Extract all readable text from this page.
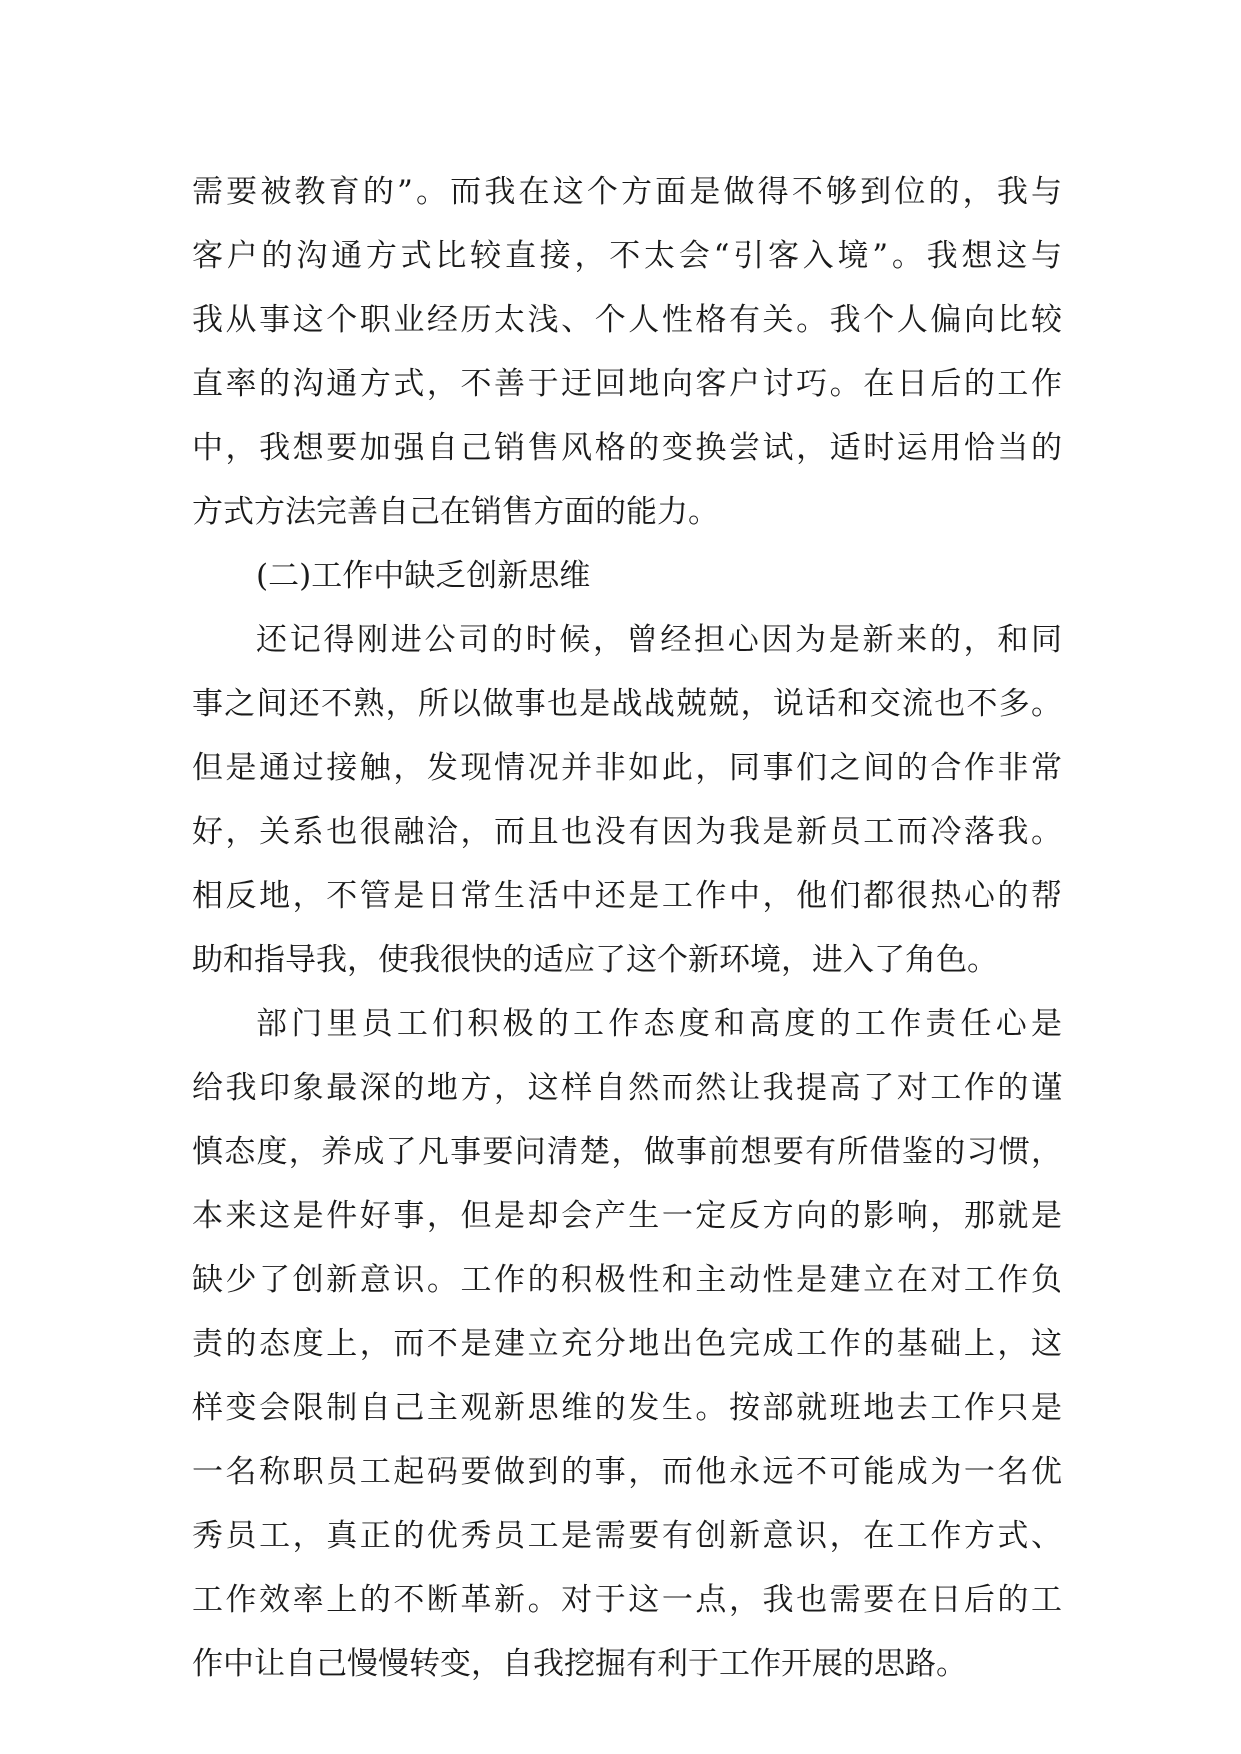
需要被教育的”。而我在这个方面是做得不够到位的，我与
客户的沟通方式比较直接，不太会“引客入境”。我想这与
我从事这个职业经历太浅、个人性格有关。我个人偏向比较
直率的沟通方式，不善于迂回地向客户讨巧。在日后的工作
中，我想要加强自己销售风格的变换尝试，适时运用恰当的
方式方法完善自己在销售方面的能力。
(二)工作中缺乏创新思维
还记得刚进公司的时候，曾经担心因为是新来的，和同
事之间还不熟，所以做事也是战战兢兢，说话和交流也不多。
但是通过接触，发现情况并非如此，同事们之间的合作非常
好，关系也很融洽，而且也没有因为我是新员工而冷落我。
相反地，不管是日常生活中还是工作中，他们都很热心的帮
助和指导我，使我很快的适应了这个新环境，进入了角色。
部门里员工们积极的工作态度和高度的工作责任心是
给我印象最深的地方，这样自然而然让我提高了对工作的谨
慎态度，养成了凡事要问清楚，做事前想要有所借鉴的习惯，
本来这是件好事，但是却会产生一定反方向的影响，那就是
缺少了创新意识。工作的积极性和主动性是建立在对工作负
责的态度上，而不是建立充分地出色完成工作的基础上，这
样变会限制自己主观新思维的发生。按部就班地去工作只是
一名称职员工起码要做到的事，而他永远不可能成为一名优
秀员工，真正的优秀员工是需要有创新意识，在工作方式、
工作效率上的不断革新。对于这一点，我也需要在日后的工
作中让自己慢慢转变，自我挖掘有利于工作开展的思路。
